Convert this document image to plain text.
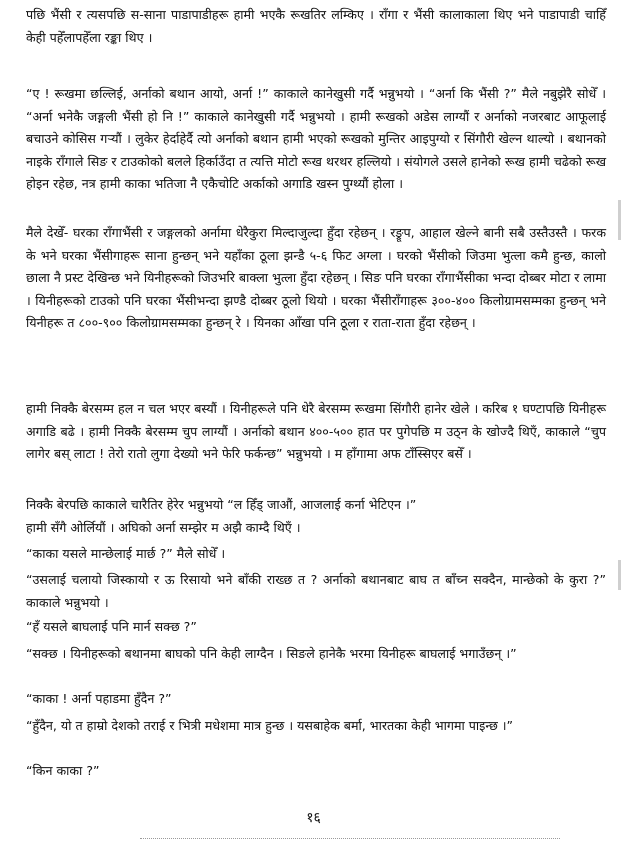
पछि भैंसी र त्यसपछि स-साना पाडापाडीहरू हामी भएकै रूखतिर लम्किए । राँगा र भैंसी कालाकाला थिए भने पाडापाडी चाहिँ केही पहेँलापहेँला रङ्का थिए ।

“ए ! रूखमा छल्लिई, अर्नाको बथान आयो, अर्ना !” काकाले कानेखुसी गर्दै भन्नुभयो । “अर्ना कि भैंसी ?” मैले नबुझेरै सोधेँ । “अर्ना भनेकै जङ्गली भैंसी हो नि !” काकाले कानेखुसी गर्दै भन्नुभयो । हामी रूखको अडेस लाग्यौं र अर्नाको नजरबाट आफूलाई बचाउने कोसिस गऱ्यौं । लुकेर हेर्दाहेर्दै त्यो अर्नाको बथान हामी भएको रूखको मुन्तिर आइपुग्यो र सिंगौरी खेल्न थाल्यो । बथानको नाइके राँगाले सिङ र टाउकोको बलले हिर्काउँदा त त्यत्ति मोटो रूख थरथर हल्लियो । संयोगले उसले हानेको रूख हामी चढेको रूख होइन रहेछ, नत्र हामी काका भतिजा नै एकैचोटि अर्काको अगाडि खस्न पुग्थ्यौं होला ।

मैले देखेँ- घरका राँगाभैंसी र जङ्गलको अर्नामा धेरैकुरा मिल्दाजुल्दा हुँदा रहेछन् । रङ्रूप, आहाल खेल्ने बानी सबै उस्तैउस्तै । फरक के भने घरका भैंसीगाहरू साना हुन्छन् भने यहाँका ठूला झन्डै ५-६ फिट अग्ला । घरको भैंसीको जिउमा भुत्ला कमै हुन्छ, कालो छाला नै प्रस्ट देखिन्छ भने यिनीहरूको जिउभरि बाक्ला भुत्ला हुँदा रहेछन् । सिङ पनि घरका राँगाभैंसीका भन्दा दोब्बर मोटा र लामा । यिनीहरूको टाउको पनि घरका भैंसीभन्दा झण्डै दोब्बर ठूलो थियो । घरका भैंसीराँगाहरू ३००-४०० किलोग्रामसम्मका हुन्छन् भने यिनीहरू त ८००-९०० किलोग्रामसम्मका हुन्छन् रे । यिनका आँखा पनि ठूला र राता-राता हुँदा रहेछन् ।

हामी निक्कै बेरसम्म हल न चल भएर बस्यौं । यिनीहरूले पनि धेरै बेरसम्म रूखमा सिंगौरी हानेर खेले । करिब १ घण्टापछि यिनीहरू अगाडि बढे । हामी निक्कै बेरसम्म चुप लाग्यौं । अर्नाको बथान ४००-५०० हात पर पुगेपछि म उठ्न के खोज्दै थिएँ, काकाले “चुप लागेर बस् लाटा ! तेरो रातो लुगा देख्यो भने फेरि फर्कन्छ” भन्नुभयो । म हाँगामा अफ टाँस्सिएर बसेँ ।

निक्कै बेरपछि काकाले चारैतिर हेरेर भन्नुभयो “ल हिँड् जाऔं, आजलाई कर्ना भेटिएन ।”

हामी सँगै ओर्लियौं । अघिको अर्ना सम्झेर म अझै काम्दै थिएँ ।

“काका यसले मान्छेलाई मार्छ ?” मैले सोधेँ ।

“उसलाई चलायो जिस्कायो र ऊ रिसायो भने बाँकी राख्छ त ? अर्नाको बथानबाट बाघ त बाँच्न सक्दैन, मान्छेको के कुरा ?” काकाले भन्नुभयो ।

“हँ यसले बाघलाई पनि मार्न सक्छ ?”

“सक्छ । यिनीहरूको बथानमा बाघको पनि केही लाग्दैन । सिङले हानेकै भरमा यिनीहरू बाघलाई भगाउँछन् ।”

“काका ! अर्ना पहाडमा हुँदैन ?”

“हुँदैन, यो त हाम्रो देशको तराई र भित्री मधेशमा मात्र हुन्छ । यसबाहेक बर्मा, भारतका केही भागमा पाइन्छ ।”

“किन काका ?”

१६
